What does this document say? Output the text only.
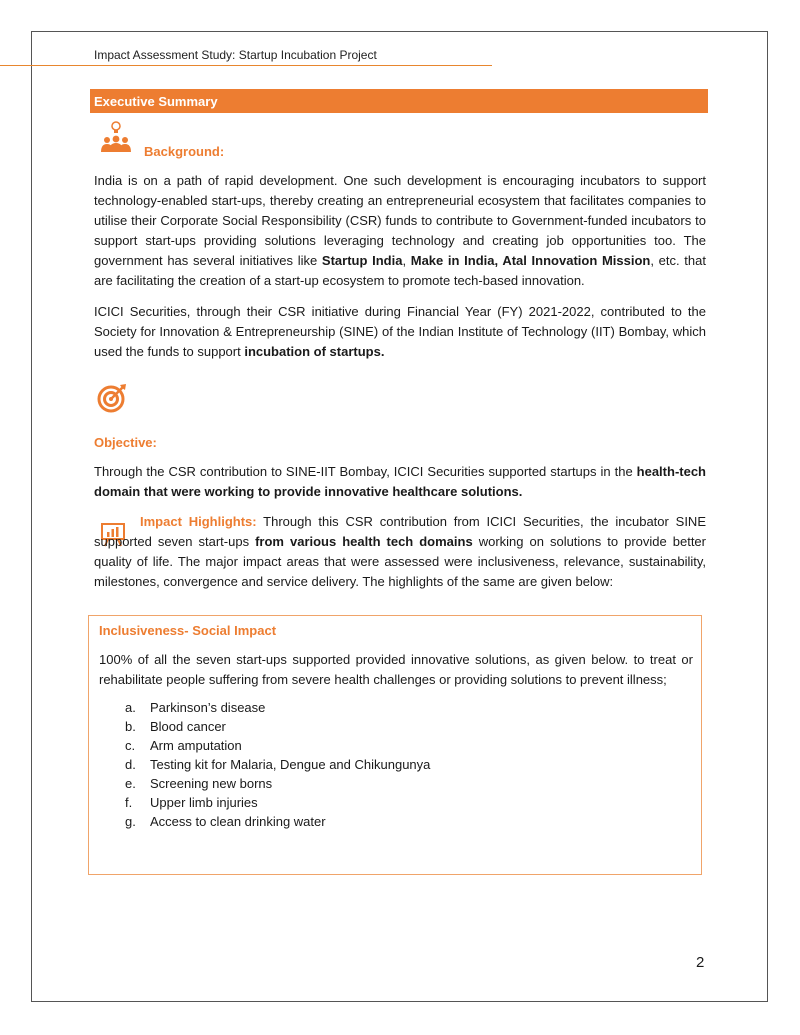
Impact Assessment Study: Startup Incubation Project
Executive Summary
Background:

India is on a path of rapid development. One such development is encouraging incubators to support technology-enabled start-ups, thereby creating an entrepreneurial ecosystem that facilitates companies to utilise their Corporate Social Responsibility (CSR) funds to contribute to Government-funded incubators to support start-ups providing solutions leveraging technology and creating job opportunities too. The government has several initiatives like Startup India, Make in India, Atal Innovation Mission, etc. that are facilitating the creation of a start-up ecosystem to promote tech-based innovation.

ICICI Securities, through their CSR initiative during Financial Year (FY) 2021-2022, contributed to the Society for Innovation & Entrepreneurship (SINE) of the Indian Institute of Technology (IIT) Bombay, which used the funds to support incubation of startups.

Objective:

Through the CSR contribution to SINE-IIT Bombay, ICICI Securities supported startups in the health-tech domain that were working to provide innovative healthcare solutions.

Impact Highlights: Through this CSR contribution from ICICI Securities, the incubator SINE supported seven start-ups from various health tech domains working on solutions to provide better quality of life. The major impact areas that were assessed were inclusiveness, relevance, sustainability, milestones, convergence and service delivery. The highlights of the same are given below:

Inclusiveness- Social Impact

100% of all the seven start-ups supported provided innovative solutions, as given below. to treat or rehabilitate people suffering from severe health challenges or providing solutions to prevent illness;

a.	Parkinson’s disease
b.	Blood cancer
c.	Arm amputation
d.	Testing kit for Malaria, Dengue and Chikungunya
e.	Screening new borns
f.	Upper limb injuries
g.	Access to clean drinking water
2
